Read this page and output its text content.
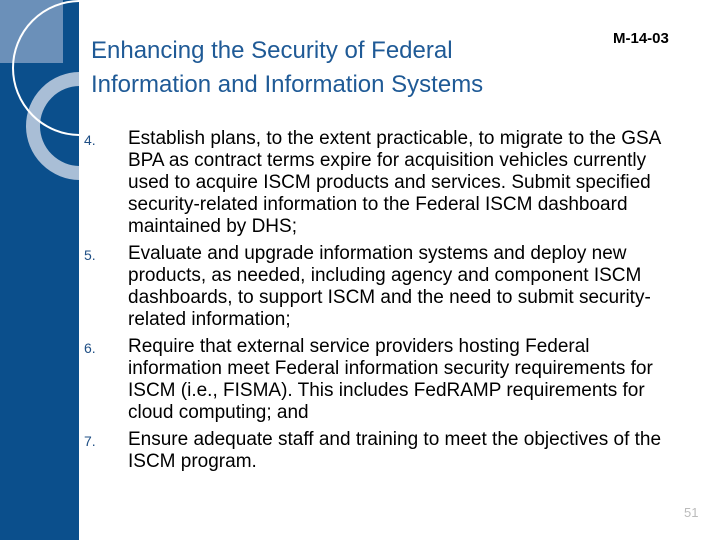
Enhancing the Security of Federal Information and Information Systems
M-14-03
4. Establish plans, to the extent practicable, to migrate to the GSA BPA as contract terms expire for acquisition vehicles currently used to acquire ISCM products and services. Submit specified security-related information to the Federal ISCM dashboard maintained by DHS;
5. Evaluate and upgrade information systems and deploy new products, as needed, including agency and component ISCM dashboards, to support ISCM and the need to submit security-related information;
6. Require that external service providers hosting Federal information meet Federal information security requirements for ISCM (i.e., FISMA). This includes FedRAMP requirements for cloud computing; and
7. Ensure adequate staff and training to meet the objectives of the ISCM program.
51
